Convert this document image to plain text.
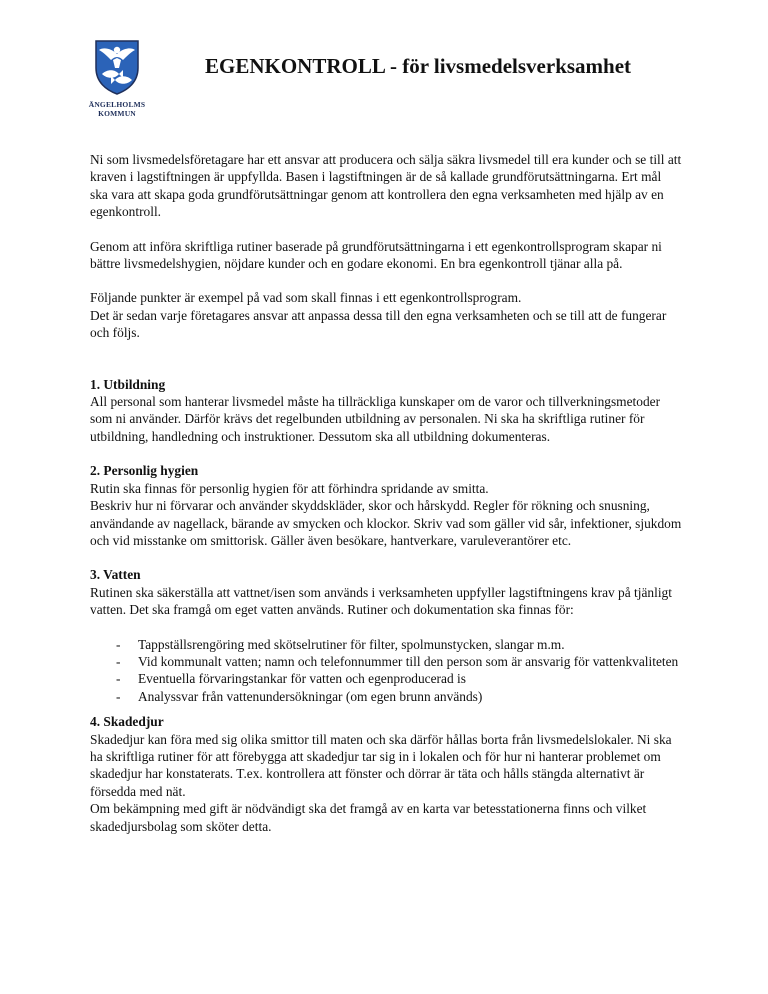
ÄNGELHOLMS
KOMMUN
EGENKONTROLL - för livsmedelsverksamhet

Ni som livsmedelsföretagare har ett ansvar att producera och sälja säkra livsmedel till era kunder och se till att kraven i lagstiftningen är uppfyllda. Basen i lagstiftningen är de så kallade grundförutsättningarna. Ert mål ska vara att skapa goda grundförutsättningar genom att kontrollera den egna verksamheten med hjälp av en egenkontroll.

Genom att införa skriftliga rutiner baserade på grundförutsättningarna i ett egenkontrollsprogram skapar ni bättre livsmedelshygien, nöjdare kunder och en godare ekonomi. En bra egenkontroll tjänar alla på.

Följande punkter är exempel på vad som skall finnas i ett egenkontrollsprogram.

Det är sedan varje företagares ansvar att anpassa dessa till den egna verksamheten och se till att de fungerar och följs.

1. Utbildning

All personal som hanterar livsmedel måste ha tillräckliga kunskaper om de varor och tillverkningsmetoder som ni använder. Därför krävs det regelbunden utbildning av personalen. Ni ska ha skriftliga rutiner för utbildning, handledning och instruktioner. Dessutom ska all utbildning dokumenteras.

2. Personlig hygien

Rutin ska finnas för personlig hygien för att förhindra spridande av smitta.

Beskriv hur ni förvarar och använder skyddskläder, skor och hårskydd. Regler för rökning och snusning, användande av nagellack, bärande av smycken och klockor. Skriv vad som gäller vid sår, infektioner, sjukdom och vid misstanke om smittorisk. Gäller även besökare, hantverkare, varuleverantörer etc.

3. Vatten

Rutinen ska säkerställa att vattnet/isen som används i verksamheten uppfyller lagstiftningens krav på tjänligt vatten. Det ska framgå om eget vatten används. Rutiner och dokumentation ska finnas för:

- Tappställsrengöring med skötselrutiner för filter, spolmunstycken, slangar m.m.
- Vid kommunalt vatten; namn och telefonnummer till den person som är ansvarig för vattenkvaliteten
- Eventuella förvaringstankar för vatten och egenproducerad is
- Analyssvar från vattenundersökningar (om egen brunn används)
4. Skadedjur

Skadedjur kan föra med sig olika smittor till maten och ska därför hållas borta från livsmedelslokaler. Ni ska ha skriftliga rutiner för att förebygga att skadedjur tar sig in i lokalen och för hur ni hanterar problemet om skadedjur har konstaterats. T.ex. kontrollera att fönster och dörrar är täta och hålls stängda alternativt är försedda med nät.

Om bekämpning med gift är nödvändigt ska det framgå av en karta var betesstationerna finns och vilket skadedjursbolag som sköter detta.
